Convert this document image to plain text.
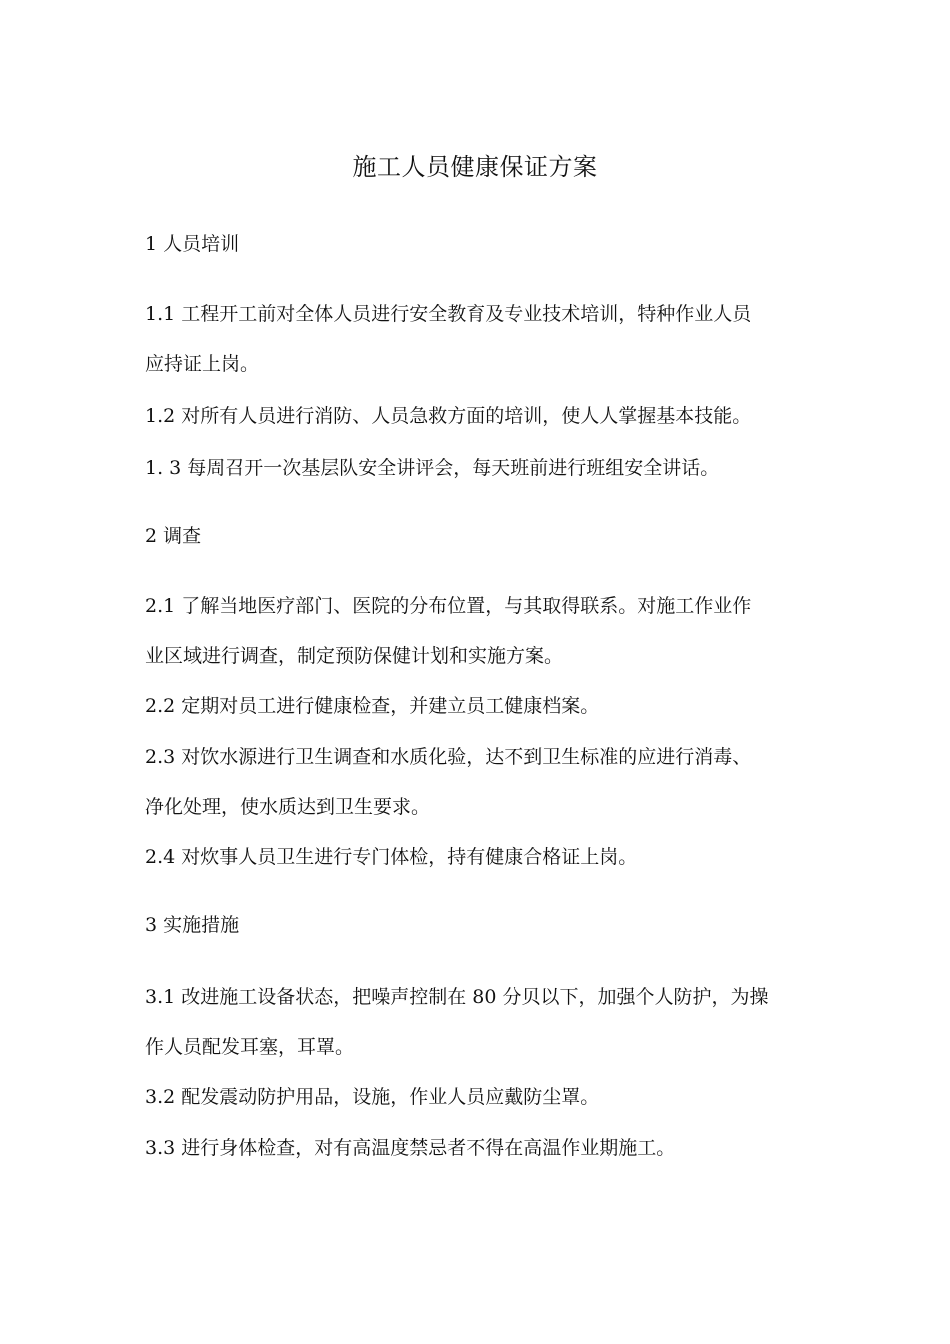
施工人员健康保证方案
1 人员培训
1.1 工程开工前对全体人员进行安全教育及专业技术培训，特种作业人员
应持证上岗。
1.2 对所有人员进行消防、人员急救方面的培训，使人人掌握基本技能。
1. 3 每周召开一次基层队安全讲评会，每天班前进行班组安全讲话。
2 调查
2.1 了解当地医疗部门、医院的分布位置，与其取得联系。对施工作业作
业区域进行调查，制定预防保健计划和实施方案。
2.2 定期对员工进行健康检查，并建立员工健康档案。
2.3 对饮水源进行卫生调查和水质化验，达不到卫生标准的应进行消毒、
净化处理，使水质达到卫生要求。
2.4 对炊事人员卫生进行专门体检，持有健康合格证上岗。
3 实施措施
3.1 改进施工设备状态，把噪声控制在 80 分贝以下，加强个人防护，为操
作人员配发耳塞，耳罩。
3.2 配发震动防护用品，设施，作业人员应戴防尘罩。
3.3 进行身体检查，对有高温度禁忌者不得在高温作业期施工。
